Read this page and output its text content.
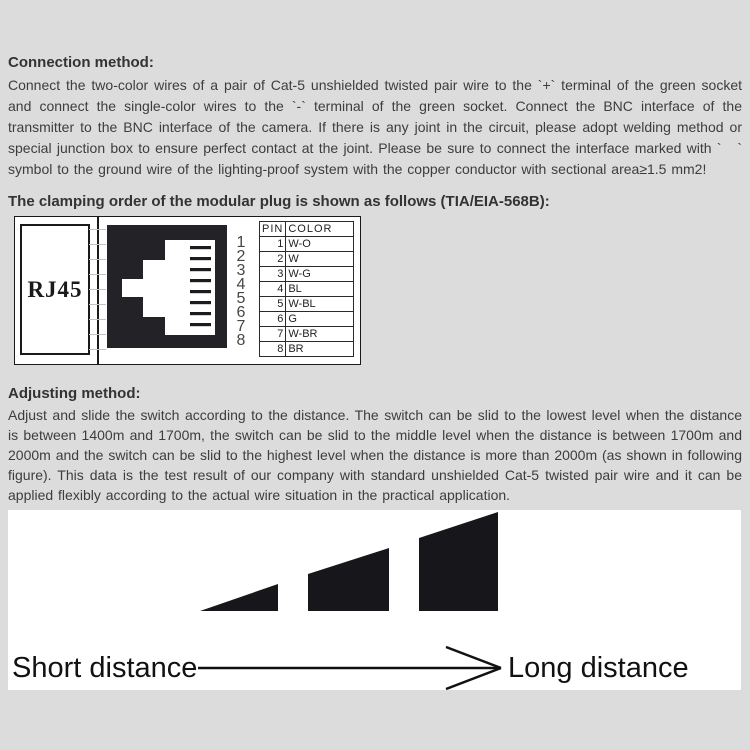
Connection method:

Connect the two-color wires of a pair of Cat-5 unshielded twisted pair wire to the `+` terminal of the green socket and connect the single-color wires to the `-` terminal of the green socket. Connect the BNC interface of the transmitter to the BNC interface of the camera. If there is any joint in the circuit, please adopt welding method or special junction box to ensure perfect contact at the joint. Please be sure to connect the interface marked with `   ` symbol to the ground wire of the lighting-proof system with the copper conductor with sectional area≥1.5 mm2!

The clamping order of the modular plug is shown as follows (TIA/EIA-568B):
RJ45
1
2
3
4
5
6
7
8
PIN	COLOR
1	W-O
2	W
3	W-G
4	BL
5	W-BL
6	G
7	W-BR
8	BR
Adjusting method:

Adjust and slide the switch according to the distance. The switch can be slid to the lowest level when the distance is between 1400m and 1700m, the switch can be slid to the middle level when the distance is between 1700m and 2000m and the switch can be slid to the highest level when the distance is more than 2000m (as shown in following figure). This data is the test result of our company with standard unshielded Cat-5 twisted pair wire and it can be applied flexibly according to the actual wire situation in the practical application.

Short distance	Long distance
